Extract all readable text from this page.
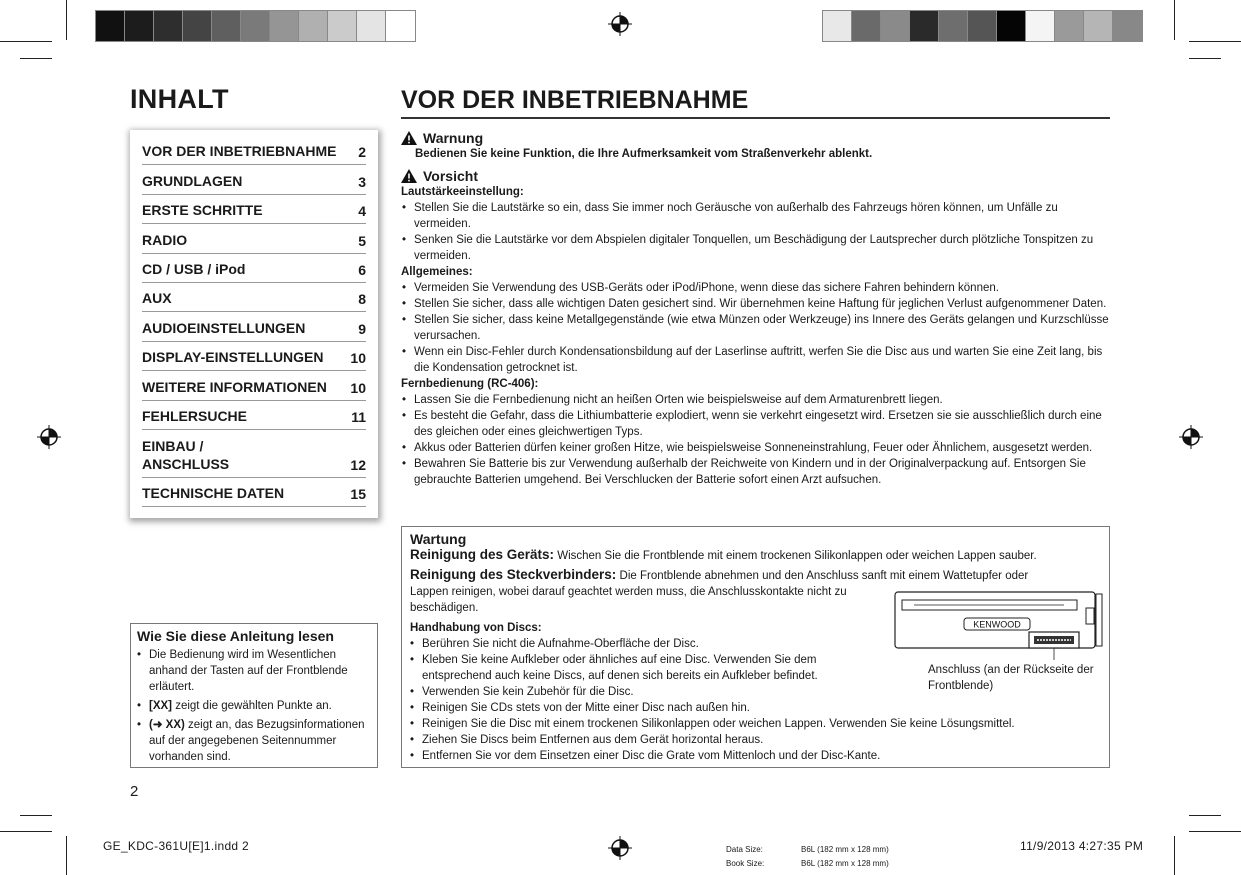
INHALT
VOR DER INBETRIEBNAHME 2
GRUNDLAGEN	3
ERSTE SCHRITTE	4
RADIO	5
CD / USB / iPod	6
AUX	8
AUDIOEINSTELLUNGEN	9
DISPLAY-EINSTELLUNGEN 10
WEITERE INFORMATIONEN 10
FEHLERSUCHE	11
EINBAU /
ANSCHLUSS	12
TECHNISCHE DATEN	15
Wie Sie diese Anleitung lesen
• Die Bedienung wird im Wesentlichen anhand der Tasten auf der Frontblende erläutert.
• [XX] zeigt die gewählten Punkte an.
• (➜ XX) zeigt an, das Bezugsinformationen auf der angegebenen Seitennummer vorhanden sind.
VOR DER INBETRIEBNAHME
Warnung
Bedienen Sie keine Funktion, die Ihre Aufmerksamkeit vom Straßenverkehr ablenkt.
Vorsicht
Lautstärkeeinstellung:
• Stellen Sie die Lautstärke so ein, dass Sie immer noch Geräusche von außerhalb des Fahrzeugs hören können, um Unfälle zu vermeiden.
• Senken Sie die Lautstärke vor dem Abspielen digitaler Tonquellen, um Beschädigung der Lautsprecher durch plötzliche Tonspitzen zu vermeiden.
Allgemeines:
• Vermeiden Sie Verwendung des USB-Geräts oder iPod/iPhone, wenn diese das sichere Fahren behindern können.
• Stellen Sie sicher, dass alle wichtigen Daten gesichert sind. Wir übernehmen keine Haftung für jeglichen Verlust aufgenommener Daten.
• Stellen Sie sicher, dass keine Metallgegenstände (wie etwa Münzen oder Werkzeuge) ins Innere des Geräts gelangen und Kurzschlüsse verursachen.
• Wenn ein Disc-Fehler durch Kondensationsbildung auf der Laserlinse auftritt, werfen Sie die Disc aus und warten Sie eine Zeit lang, bis die Kondensation getrocknet ist.
Fernbedienung (RC-406):
• Lassen Sie die Fernbedienung nicht an heißen Orten wie beispielsweise auf dem Armaturenbrett liegen.
• Es besteht die Gefahr, dass die Lithiumbatterie explodiert, wenn sie verkehrt eingesetzt wird. Ersetzen sie sie ausschließlich durch eine des gleichen oder eines gleichwertigen Typs.
• Akkus oder Batterien dürfen keiner großen Hitze, wie beispielsweise Sonneneinstrahlung, Feuer oder Ähnlichem, ausgesetzt werden.
• Bewahren Sie Batterie bis zur Verwendung außerhalb der Reichweite von Kindern und in der Originalverpackung auf. Entsorgen Sie gebrauchte Batterien umgehend. Bei Verschlucken der Batterie sofort einen Arzt aufsuchen.
Wartung
Reinigung des Geräts: Wischen Sie die Frontblende mit einem trockenen Silikonlappen oder weichen Lappen sauber.
Reinigung des Steckverbinders: Die Frontblende abnehmen und den Anschluss sanft mit einem Wattetupfer oder
Lappen reinigen, wobei darauf geachtet werden muss, die Anschlusskontakte nicht zu beschädigen.
Handhabung von Discs:
• Berühren Sie nicht die Aufnahme-Oberfläche der Disc.
• Kleben Sie keine Aufkleber oder ähnliches auf eine Disc. Verwenden Sie dem entsprechend auch keine Discs, auf denen sich bereits ein Aufkleber befindet.
• Verwenden Sie kein Zubehör für die Disc.
• Reinigen Sie CDs stets von der Mitte einer Disc nach außen hin.
• Reinigen Sie die Disc mit einem trockenen Silikonlappen oder weichen Lappen. Verwenden Sie keine Lösungsmittel.
• Ziehen Sie Discs beim Entfernen aus dem Gerät horizontal heraus.
• Entfernen Sie vor dem Einsetzen einer Disc die Grate vom Mittenloch und der Disc-Kante.
KENWOOD
Anschluss (an der Rückseite der Frontblende)
2
GE_KDC-361U[E]1.indd 2	Data Size:	B6L (182 mm x 128 mm)
Book Size:	B6L (182 mm x 128 mm)
11/9/2013 4:27:35 PM
